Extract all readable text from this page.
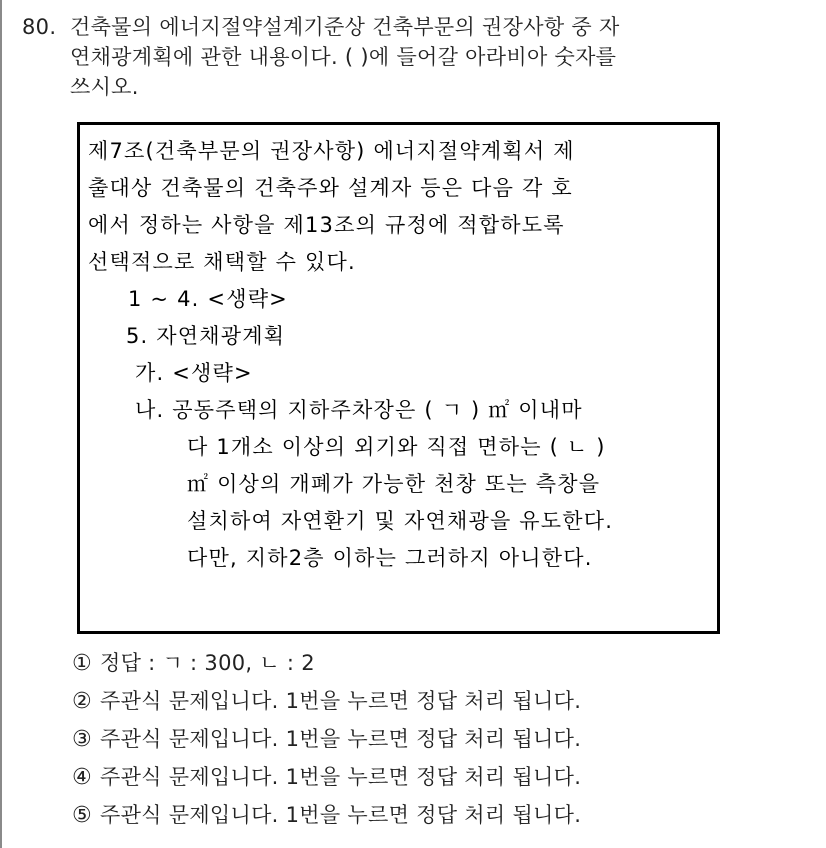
80. 건축물의 에너지절약설계기준상 건축부문의 권장사항 중 자
연채광계획에 관한 내용이다. ( )에 들어갈 아라비아 숫자를
쓰시오.
제7조(건축부문의 권장사항) 에너지절약계획서 제
출대상 건축물의 건축주와 설계자 등은 다음 각 호
에서 정하는 사항을 제13조의 규정에 적합하도록
선택적으로 채택할 수 있다.
1 ~ 4. <생략>
5. 자연채광계획
가. <생략>
나. 공동주택의 지하주차장은 ( ㄱ ) ㎡ 이내마
다 1개소 이상의 외기와 직접 면하는 ( ㄴ )
㎡ 이상의 개폐가 가능한 천창 또는 측창을
설치하여 자연환기 및 자연채광을 유도한다.
다만, 지하2층 이하는 그러하지 아니한다.
① 정답 : ㄱ : 300, ㄴ : 2
② 주관식 문제입니다. 1번을 누르면 정답 처리 됩니다.
③ 주관식 문제입니다. 1번을 누르면 정답 처리 됩니다.
④ 주관식 문제입니다. 1번을 누르면 정답 처리 됩니다.
⑤ 주관식 문제입니다. 1번을 누르면 정답 처리 됩니다.
